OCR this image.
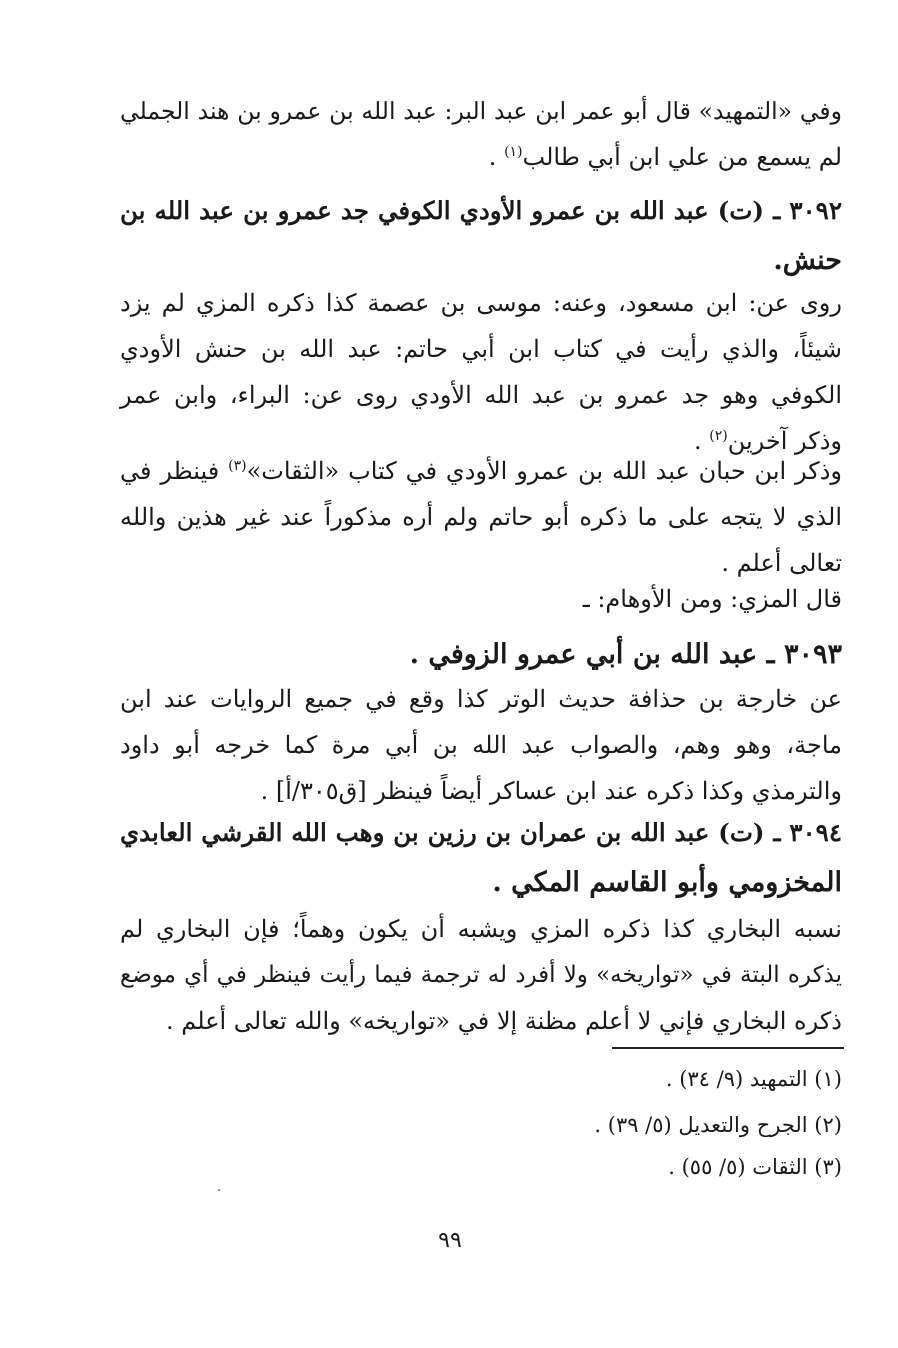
وفي «التمهيد» قال أبو عمر ابن عبد البر: عبد الله بن عمرو بن هند الجملي
لم يسمع من علي ابن أبي طالب$^{(١)}$ .
٣٠٩٢ ـ (ت) عبد الله بن عمرو الأودي الكوفي جد عمرو بن عبد الله بن
حنش.
روى عن: ابن مسعود، وعنه: موسى بن عصمة كذا ذكره المزي لم يزد
شيئاً، والذي رأيت في كتاب ابن أبي حاتم: عبد الله بن حنش الأودي
الكوفي وهو جد عمرو بن عبد الله الأودي روى عن: البراء، وابن عمر
وذكر آخرين$^{(٢)}$ .
وذكر ابن حبان عبد الله بن عمرو الأودي في كتاب «الثقات»$^{(٣)}$ فينظر في
الذي لا يتجه على ما ذكره أبو حاتم ولم أره مذكوراً عند غير هذين والله
تعالى أعلم .
قال المزي: ومن الأوهام: ـ
٣٠٩٣ ـ عبد الله بن أبي عمرو الزوفي .
عن خارجة بن حذافة حديث الوتر كذا وقع في جميع الروايات عند ابن
ماجة، وهو وهم، والصواب عبد الله بن أبي مرة كما خرجه أبو داود
والترمذي وكذا ذكره عند ابن عساكر أيضاً فينظر [ق٣٠٥/أ] .
٣٠٩٤ ـ (ت) عبد الله بن عمران بن رزين بن وهب الله القرشي العابدي
المخزومي وأبو القاسم المكي .
نسبه البخاري كذا ذكره المزي ويشبه أن يكون وهماً؛ فإن البخاري لم
يذكره البتة في «تواريخه» ولا أفرد له ترجمة فيما رأيت فينظر في أي موضع
ذكره البخاري فإني لا أعلم مظنة إلا في «تواريخه» والله تعالى أعلم .
(١) التمهيد (٩/ ٣٤) .
(٢) الجرح والتعديل (٥/ ٣٩) .
(٣) الثقات (٥/ ٥٥) .
٩٩
